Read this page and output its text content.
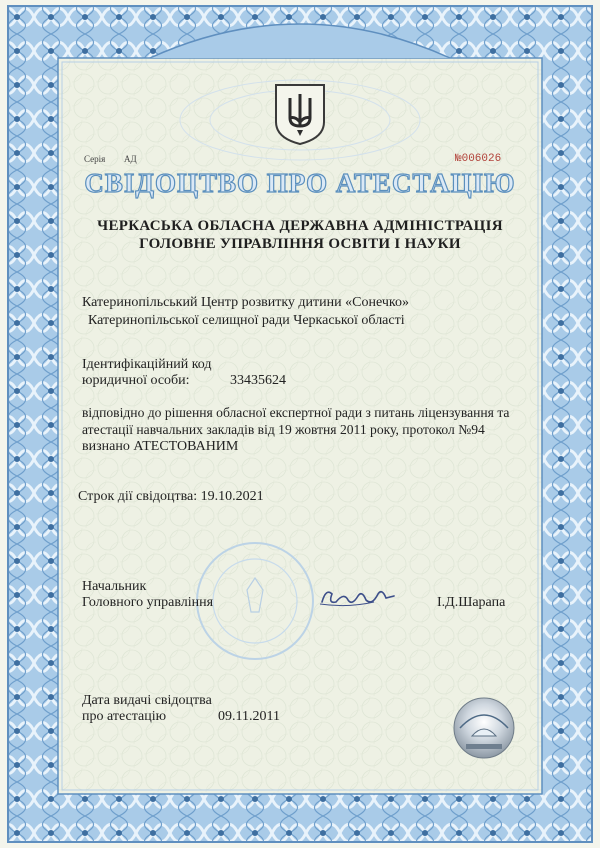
Серія АД	№006026
СВІДОЦТВО ПРО АТЕСТАЦІЮ
ЧЕРКАСЬКА ОБЛАСНА ДЕРЖАВНА АДМІНІСТРАЦІЯ
ГОЛОВНЕ УПРАВЛІННЯ ОСВІТИ І НАУКИ
Катеринопільський Центр розвитку дитини «Сонечко»
Катеринопільської селищної ради Черкаської області
Ідентифікаційний код
юридичної особи:	33435624
відповідно до рішення обласної експертної ради з питань ліцензування та
атестації навчальних закладів від 19 жовтня 2011 року, протокол №94
визнано АТЕСТОВАНИМ
Строк дії свідоцтва: 19.10.2021
Начальник
Головного управління	І.Д.Шарапа
Дата видачі свідоцтва
про атестацію	09.11.2011
